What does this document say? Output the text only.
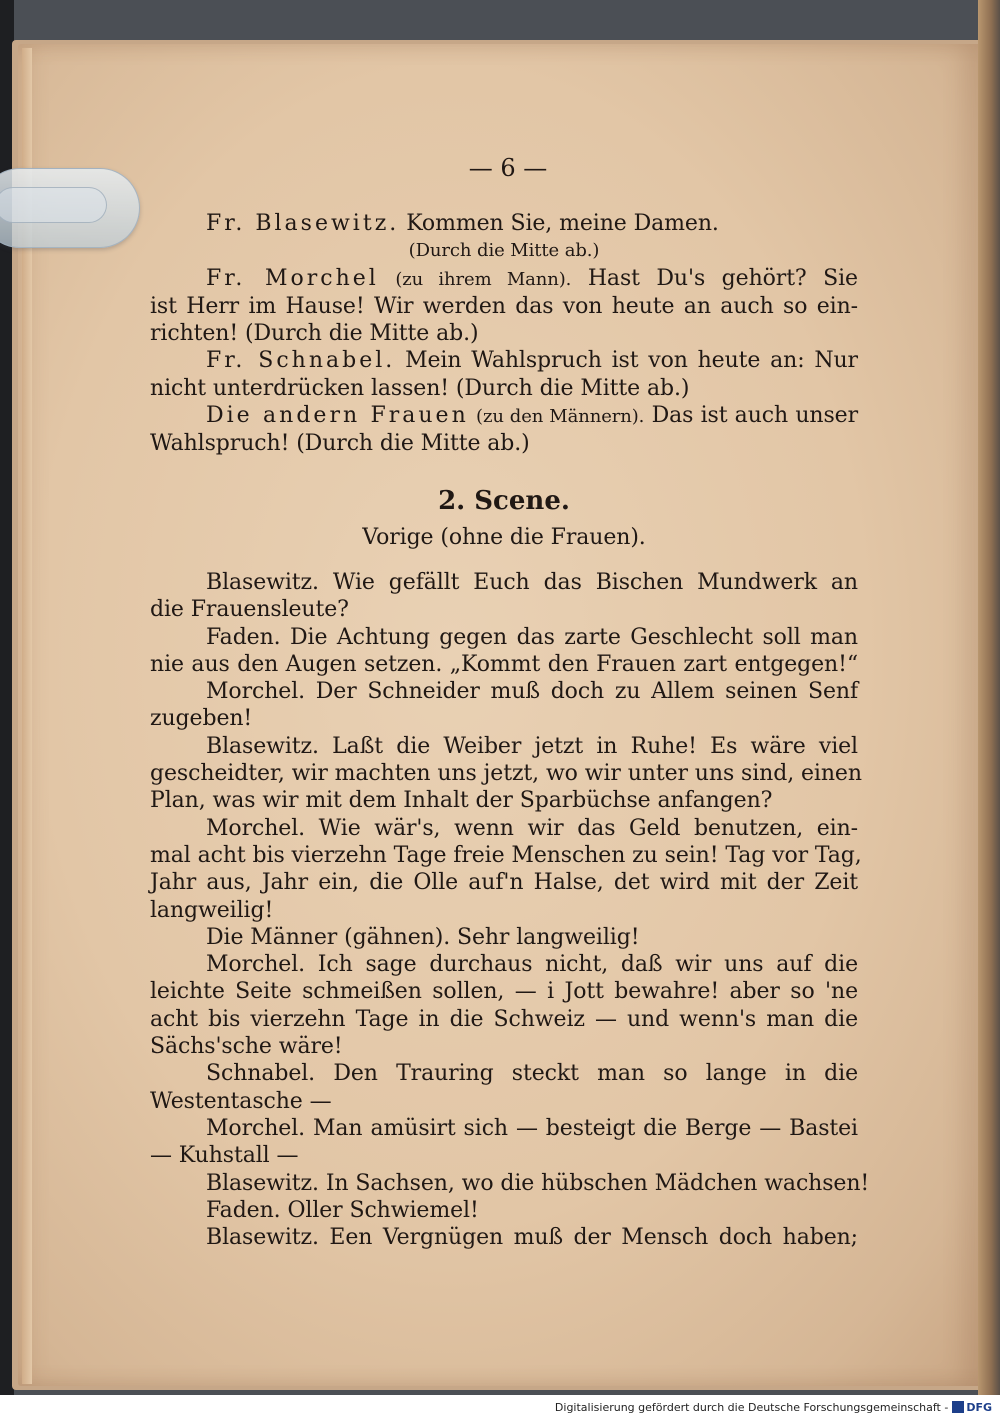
— 6 —
Fr. Blasewitz. Kommen Sie, meine Damen.
(Durch die Mitte ab.)
Fr. Morchel (zu ihrem Mann). Hast Du's gehört? Sie
ist Herr im Hause! Wir werden das von heute an auch so ein-
richten! (Durch die Mitte ab.)
Fr. Schnabel. Mein Wahlspruch ist von heute an: Nur
nicht unterdrücken lassen! (Durch die Mitte ab.)
Die andern Frauen (zu den Männern). Das ist auch unser
Wahlspruch! (Durch die Mitte ab.)
2. Scene.
Vorige (ohne die Frauen).
Blasewitz. Wie gefällt Euch das Bischen Mundwerk an
die Frauensleute?
Faden. Die Achtung gegen das zarte Geschlecht soll man
nie aus den Augen setzen. „Kommt den Frauen zart entgegen!“
Morchel. Der Schneider muß doch zu Allem seinen Senf
zugeben!
Blasewitz. Laßt die Weiber jetzt in Ruhe! Es wäre viel
gescheidter, wir machten uns jetzt, wo wir unter uns sind, einen
Plan, was wir mit dem Inhalt der Sparbüchse anfangen?
Morchel. Wie wär's, wenn wir das Geld benutzen, ein-
mal acht bis vierzehn Tage freie Menschen zu sein! Tag vor Tag,
Jahr aus, Jahr ein, die Olle auf'n Halse, det wird mit der Zeit
langweilig!
Die Männer (gähnen). Sehr langweilig!
Morchel. Ich sage durchaus nicht, daß wir uns auf die
leichte Seite schmeißen sollen, — i Jott bewahre! aber so 'ne
acht bis vierzehn Tage in die Schweiz — und wenn's man die
Sächs'sche wäre!
Schnabel. Den Trauring steckt man so lange in die
Westentasche —
Morchel. Man amüsirt sich — besteigt die Berge — Bastei
— Kuhstall —
Blasewitz. In Sachsen, wo die hübschen Mädchen wachsen!
Faden. Oller Schwiemel!
Blasewitz. Een Vergnügen muß der Mensch doch haben;
Digitalisierung gefördert durch die Deutsche Forschungsgemeinschaft - DFG
